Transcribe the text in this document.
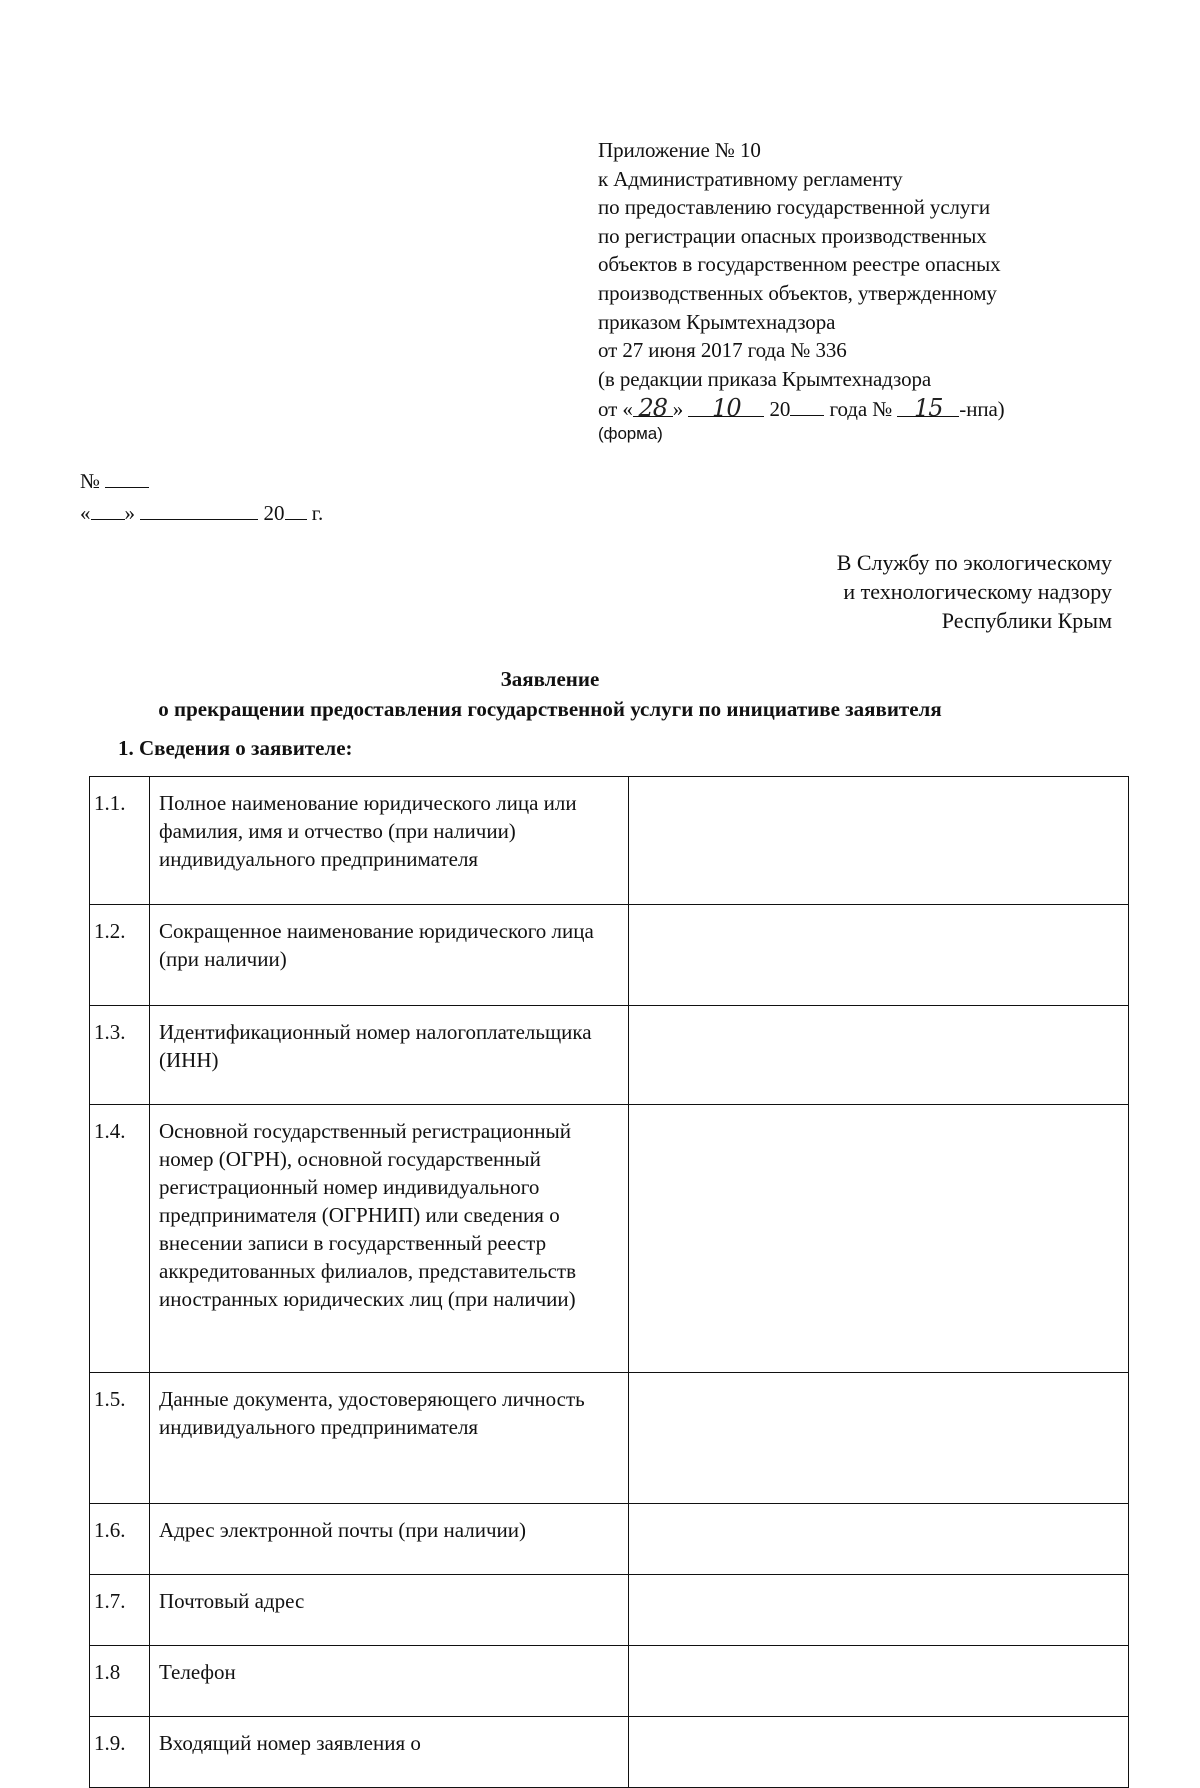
Приложение № 10
к Административному регламенту
по предоставлению государственной услуги
по регистрации опасных производственных
объектов в государственном реестре опасных
производственных объектов, утвержденному
приказом Крымтехнадзора
от 27 июня 2017 года № 336
(в редакции приказа Крымтехнадзора
от « 28 » 10 20 года № 15 -нпа)
(форма)
№
« »	20 г.
В Службу по экологическому
и технологическому надзору
Республики Крым
Заявление
о прекращении предоставления государственной услуги по инициативе заявителя
1. Сведения о заявителе:
1.1.	Полное наименование юридического лица или фамилия, имя и отчество (при наличии) индивидуального предпринимателя	
1.2.	Сокращенное наименование юридического лица (при наличии)	
1.3.	Идентификационный номер налогоплательщика (ИНН)	
1.4.	Основной государственный регистрационный номер (ОГРН), основной государственный регистрационный номер индивидуального предпринимателя (ОГРНИП) или сведения о внесении записи в государственный реестр аккредитованных филиалов, представительств иностранных юридических лиц (при наличии)	
1.5.	Данные документа, удостоверяющего личность индивидуального предпринимателя	
1.6.	Адрес электронной почты (при наличии)	
1.7.	Почтовый адрес	
1.8	Телефон	
1.9.	Входящий номер заявления о	
